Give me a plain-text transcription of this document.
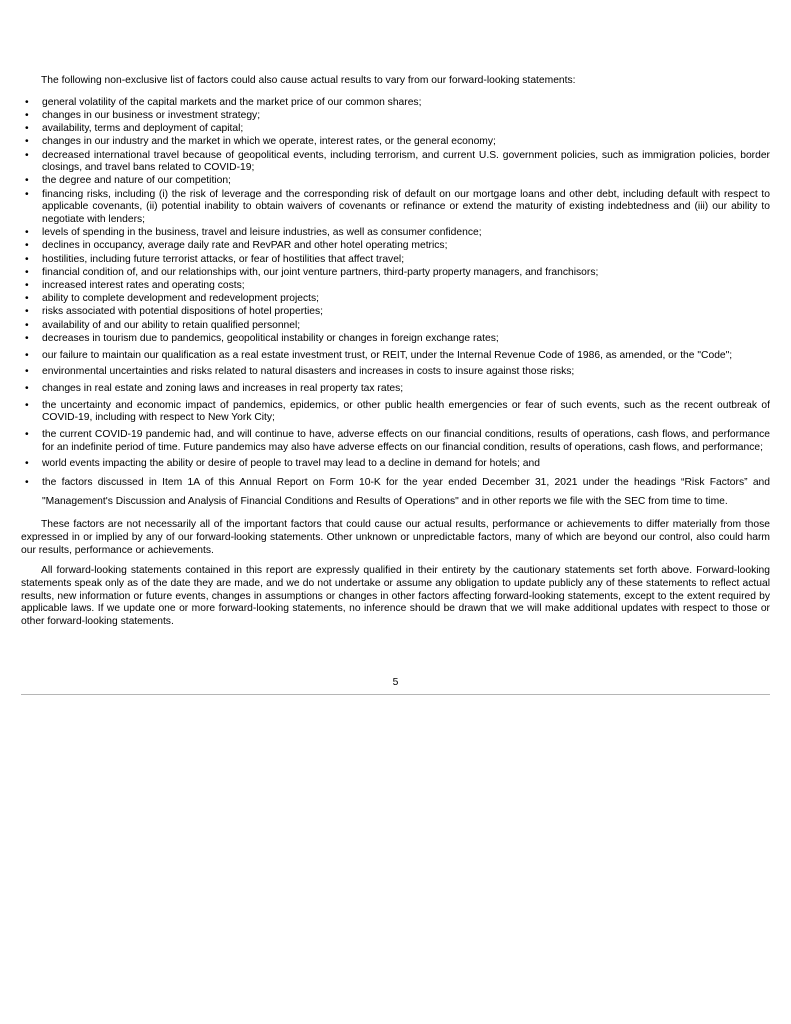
The following non-exclusive list of factors could also cause actual results to vary from our forward-looking statements:

• general volatility of the capital markets and the market price of our common shares;
• changes in our business or investment strategy;
• availability, terms and deployment of capital;
• changes in our industry and the market in which we operate, interest rates, or the general economy;
• decreased international travel because of geopolitical events, including terrorism, and current U.S. government policies, such as immigration policies, border closings, and travel bans related to COVID-19;
• the degree and nature of our competition;
• financing risks, including (i) the risk of leverage and the corresponding risk of default on our mortgage loans and other debt, including default with respect to applicable covenants, (ii) potential inability to obtain waivers of covenants or refinance or extend the maturity of existing indebtedness and (iii) our ability to negotiate with lenders;
• levels of spending in the business, travel and leisure industries, as well as consumer confidence;
• declines in occupancy, average daily rate and RevPAR and other hotel operating metrics;
• hostilities, including future terrorist attacks, or fear of hostilities that affect travel;
• financial condition of, and our relationships with, our joint venture partners, third-party property managers, and franchisors;
• increased interest rates and operating costs;
• ability to complete development and redevelopment projects;
• risks associated with potential dispositions of hotel properties;
• availability of and our ability to retain qualified personnel;
• decreases in tourism due to pandemics, geopolitical instability or changes in foreign exchange rates;
• our failure to maintain our qualification as a real estate investment trust, or REIT, under the Internal Revenue Code of 1986, as amended, or the "Code";
• environmental uncertainties and risks related to natural disasters and increases in costs to insure against those risks;
• changes in real estate and zoning laws and increases in real property tax rates;
• the uncertainty and economic impact of pandemics, epidemics, or other public health emergencies or fear of such events, such as the recent outbreak of COVID-19, including with respect to New York City;
• the current COVID-19 pandemic had, and will continue to have, adverse effects on our financial conditions, results of operations, cash flows, and performance for an indefinite period of time. Future pandemics may also have adverse effects on our financial condition, results of operations, cash flows, and performance;
• world events impacting the ability or desire of people to travel may lead to a decline in demand for hotels; and
• the factors discussed in Item 1A of this Annual Report on Form 10-K for the year ended December 31, 2021 under the headings “Risk Factors” and "Management's Discussion and Analysis of Financial Conditions and Results of Operations" and in other reports we file with the SEC from time to time.

These factors are not necessarily all of the important factors that could cause our actual results, performance or achievements to differ materially from those expressed in or implied by any of our forward-looking statements. Other unknown or unpredictable factors, many of which are beyond our control, also could harm our results, performance or achievements.

All forward-looking statements contained in this report are expressly qualified in their entirety by the cautionary statements set forth above. Forward-looking statements speak only as of the date they are made, and we do not undertake or assume any obligation to update publicly any of these statements to reflect actual results, new information or future events, changes in assumptions or changes in other factors affecting forward-looking statements, except to the extent required by applicable laws. If we update one or more forward-looking statements, no inference should be drawn that we will make additional updates with respect to those or other forward-looking statements.

5
